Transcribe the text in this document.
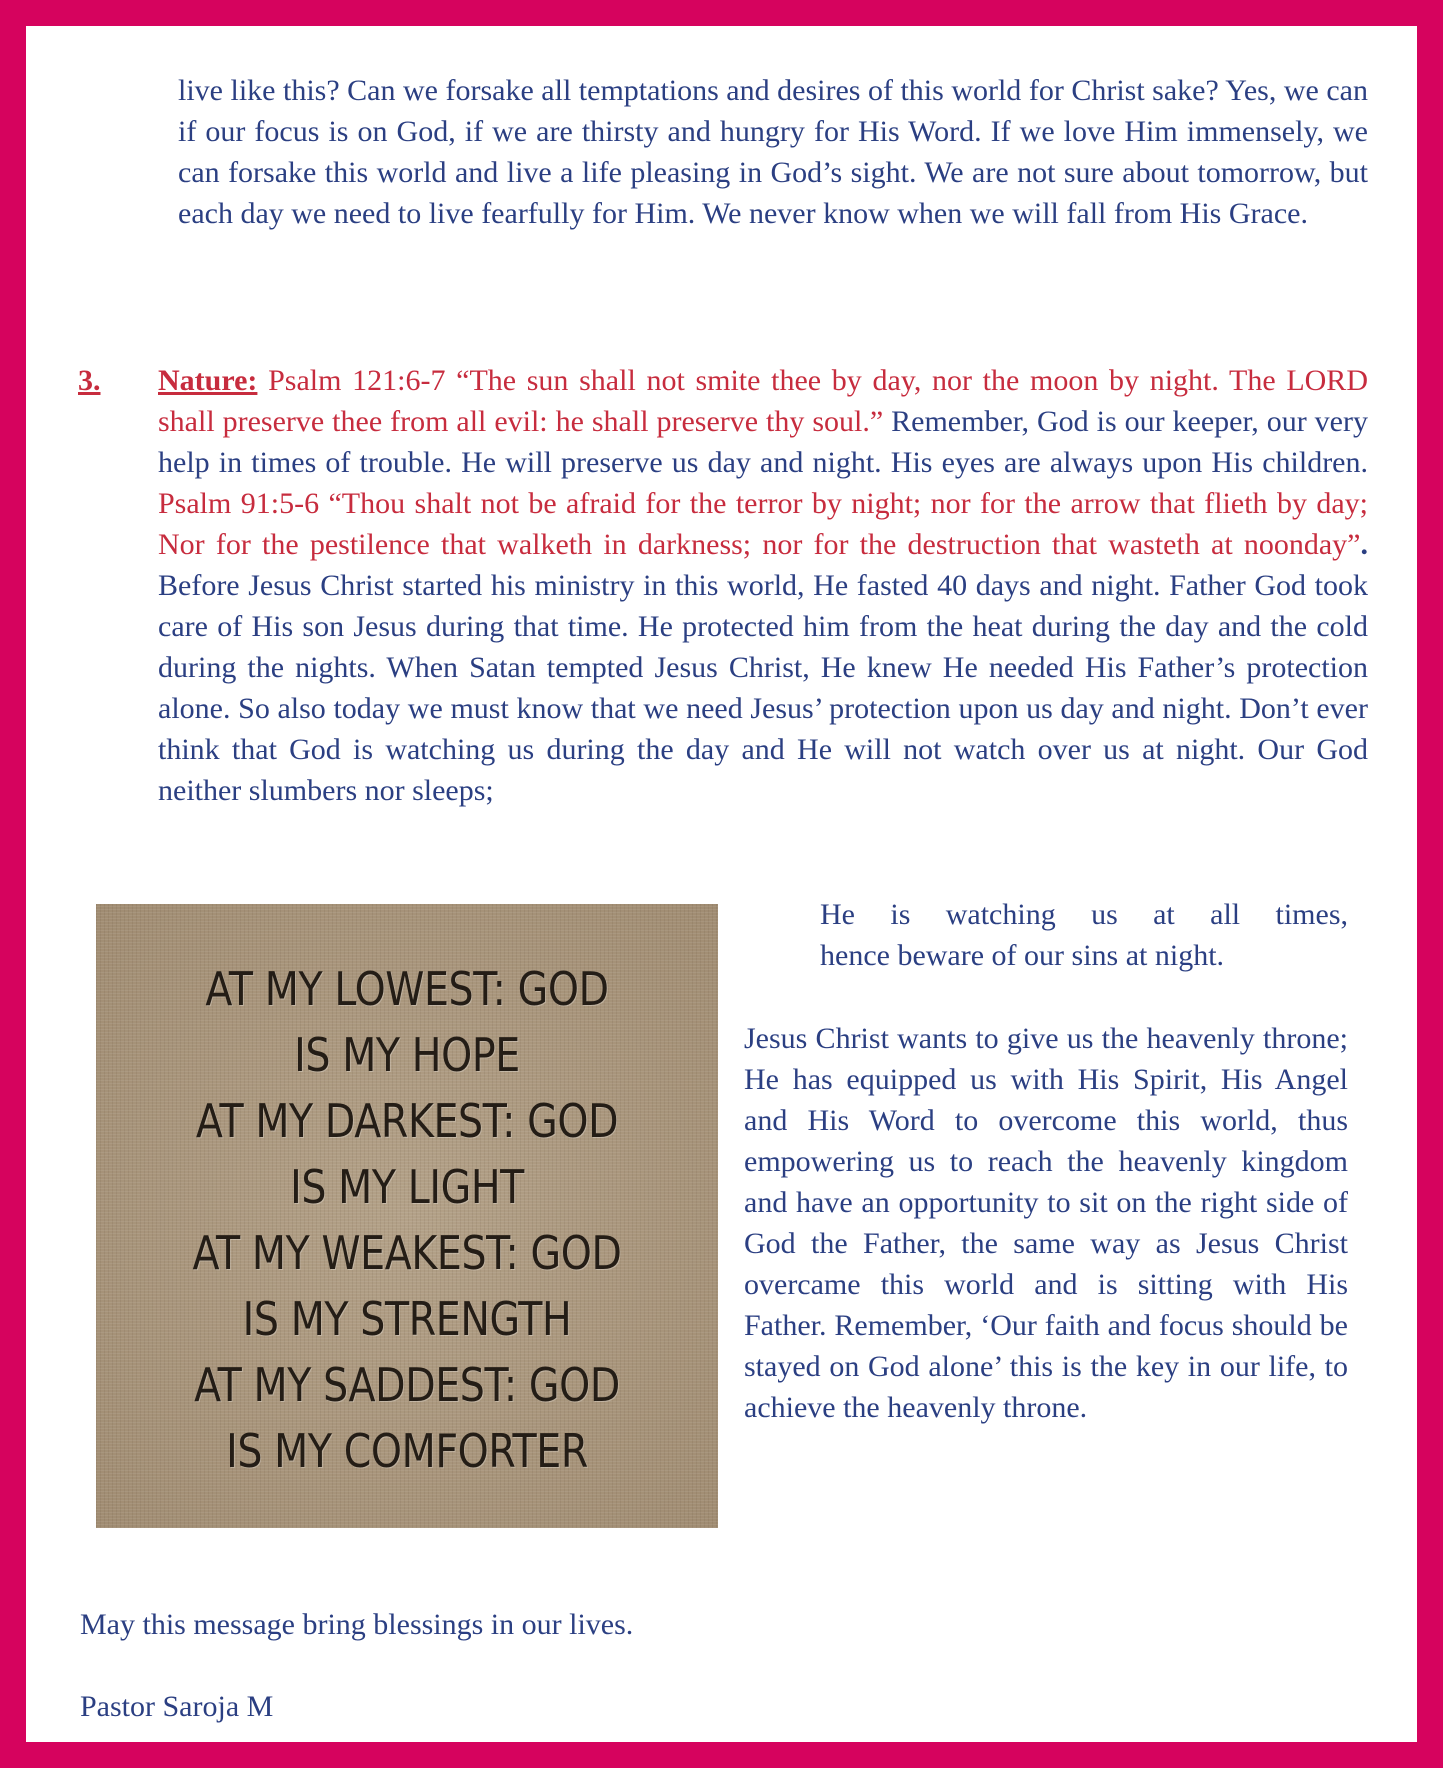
live like this? Can we forsake all temptations and desires of this world for Christ sake? Yes, we can if our focus is on God, if we are thirsty and hungry for His Word. If we love Him immensely, we can forsake this world and live a life pleasing in God’s sight. We are not sure about tomorrow, but each day we need to live fearfully for Him. We never know when we will fall from His Grace.

3. Nature: Psalm 121:6-7 “The sun shall not smite thee by day, nor the moon by night. The LORD shall preserve thee from all evil: he shall preserve thy soul.” Remember, God is our keeper, our very help in times of trouble. He will preserve us day and night. His eyes are always upon His children. Psalm 91:5-6 “Thou shalt not be afraid for the terror by night; nor for the arrow that flieth by day; Nor for the pestilence that walketh in darkness; nor for the destruction that wasteth at noonday”. Before Jesus Christ started his ministry in this world, He fasted 40 days and night. Father God took care of His son Jesus during that time. He protected him from the heat during the day and the cold during the nights. When Satan tempted Jesus Christ, He knew He needed His Father’s protection alone. So also today we must know that we need Jesus’ protection upon us day and night. Don’t ever think that God is watching us during the day and He will not watch over us at night. Our God neither slumbers nor sleeps;

He is watching us at all times,
hence beware of our sins at night.
AT MY LOWEST: GOD
IS MY HOPE
AT MY DARKEST: GOD
IS MY LIGHT
AT MY WEAKEST: GOD
IS MY STRENGTH
AT MY SADDEST: GOD
IS MY COMFORTER

Jesus Christ wants to give us the heavenly throne; He has equipped us with His Spirit, His Angel and His Word to overcome this world, thus empowering us to reach the heavenly kingdom and have an opportunity to sit on the right side of God the Father, the same way as Jesus Christ overcame this world and is sitting with His Father. Remember, ‘Our faith and focus should be stayed on God alone’ this is the key in our life, to achieve the heavenly throne.

May this message bring blessings in our lives.

Pastor Saroja M
